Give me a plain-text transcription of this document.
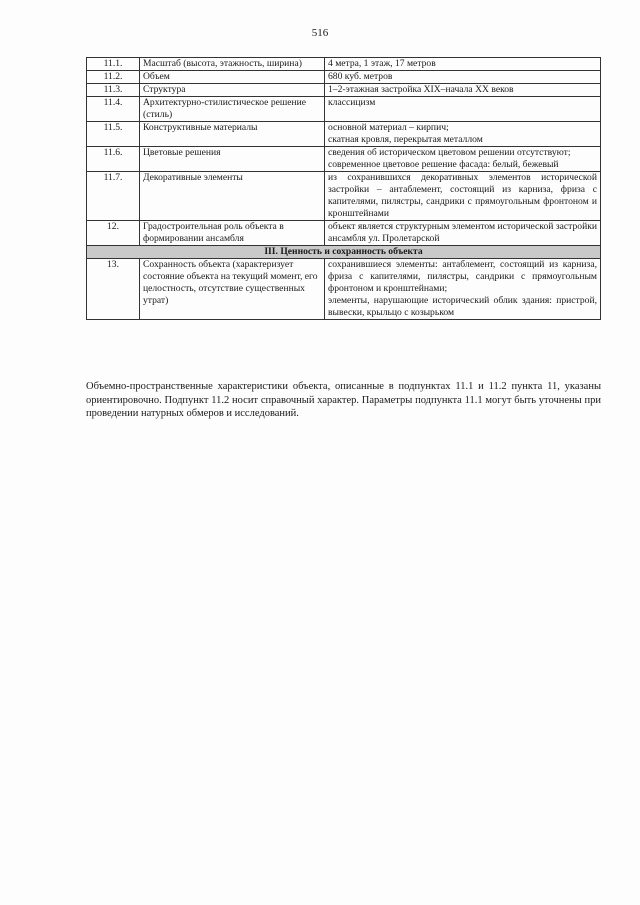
516
11.1.	Масштаб (высота, этажность, ширина)	4 метра, 1 этаж, 17 метров

11.2.	Объем	680 куб. метров

11.3.	Структура	1–2-этажная застройка XIX–начала XX веков

11.4.	Архитектурно-стилистическое решение (стиль)	классицизм

11.5.	Конструктивные материалы	основной материал – кирпич;
скатная кровля, перекрытая металлом

11.6.	Цветовые решения	сведения об историческом цветовом решении отсутствуют;
современное цветовое решение фасада: белый, бежевый

11.7.	Декоративные элементы	из сохранившихся декоративных элементов исторической застройки – антаблемент, состоящий из карниза, фриза с капителями, пилястры, сандрики с прямоугольным фронтоном и кронштейнами

12.	Градостроительная роль объекта в формировании ансамбля	объект является структурным элементом исторической застройки ансамбля ул. Пролетарской

III. Ценность и сохранность объекта		
13.	Сохранность объекта (характеризует состояние объекта на текущий момент, его целостность, отсутствие существенных утрат)	сохранившиеся элементы: антаблемент, состоящий из карниза, фриза с капителями, пилястры, сандрики с прямоугольным фронтоном и кронштейнами;
элементы, нарушающие исторический облик здания: пристрой, вывески, крыльцо с козырьком
Объемно-пространственные характеристики объекта, описанные в подпунктах 11.1 и 11.2 пункта 11, указаны ориентировочно. Подпункт 11.2 носит справочный характер. Параметры подпункта 11.1 могут быть уточнены при проведении натурных обмеров и исследований.
